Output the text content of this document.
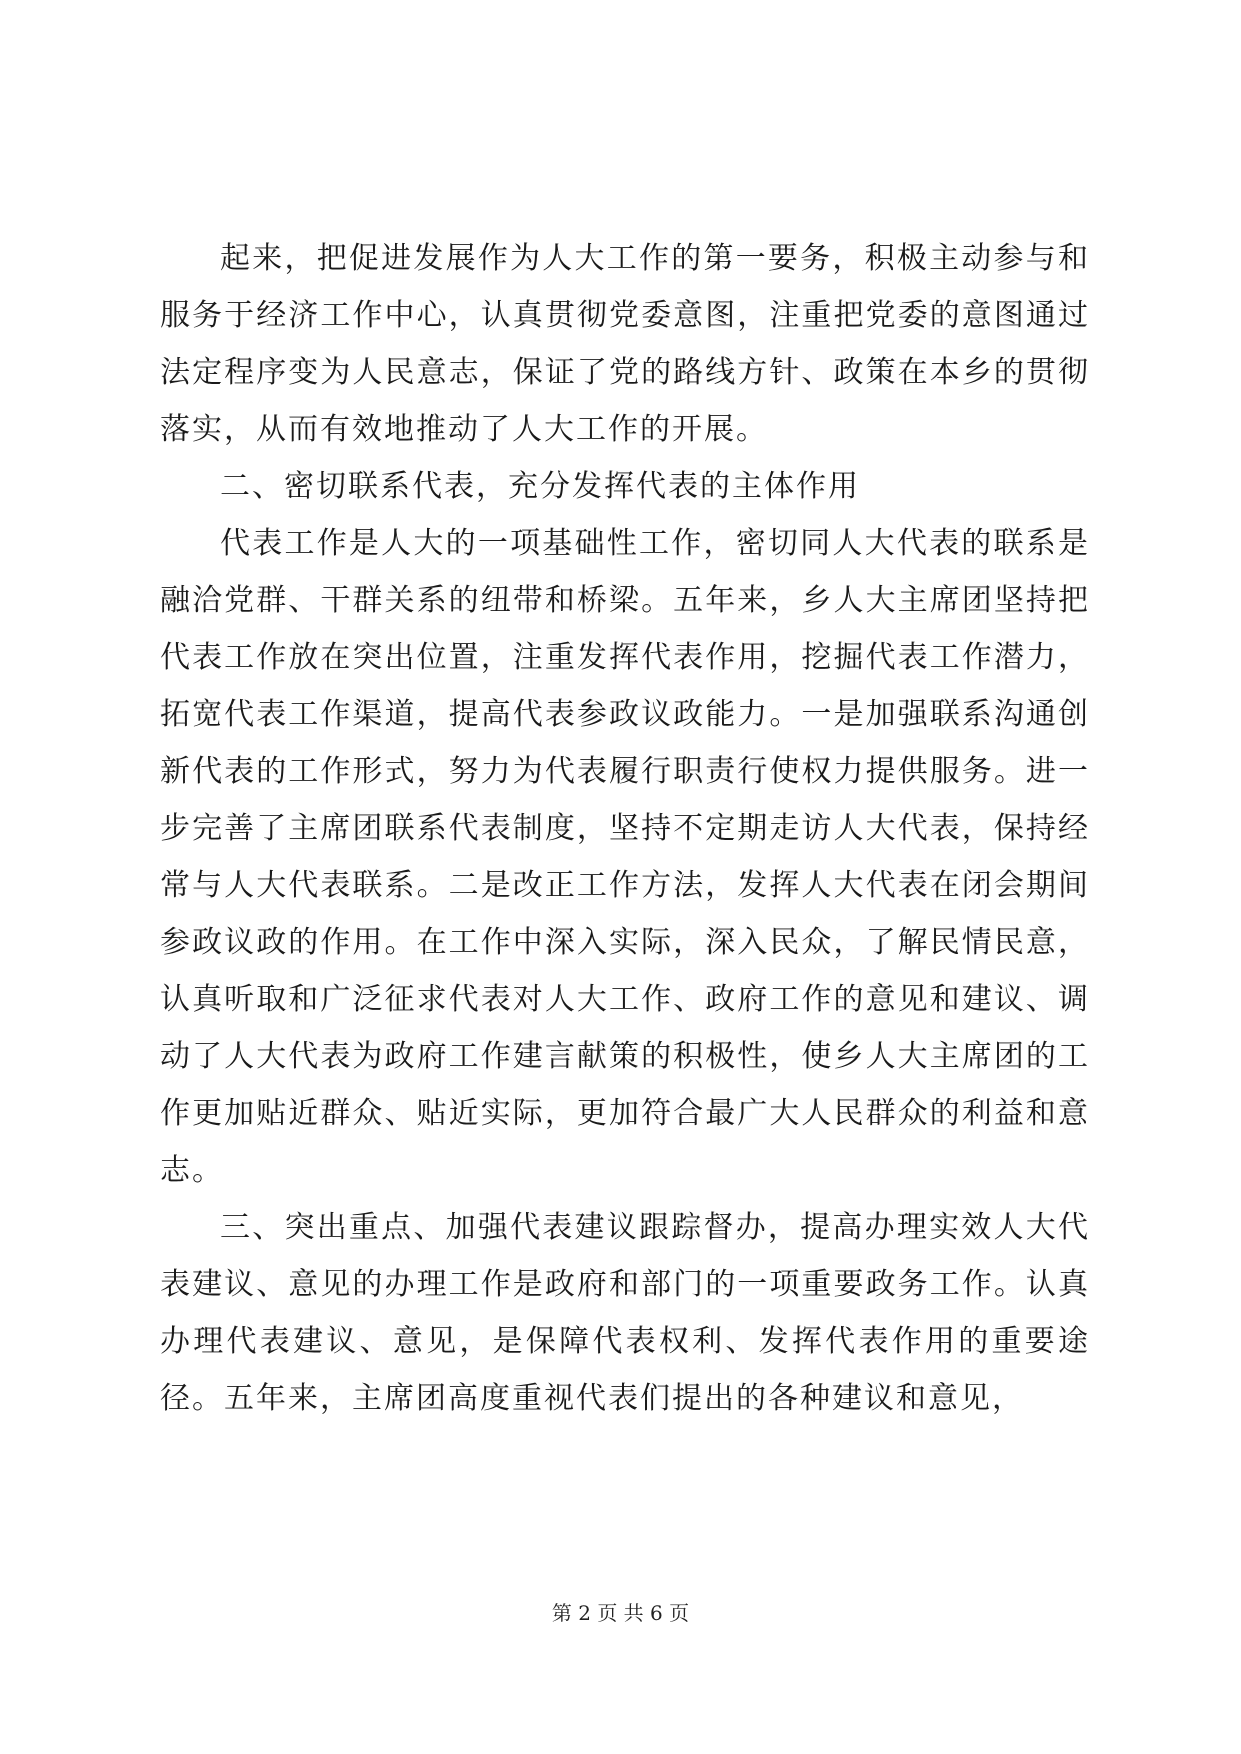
起来，把促进发展作为人大工作的第一要务，积极主动参与和服务于经济工作中心，认真贯彻党委意图，注重把党委的意图通过法定程序变为人民意志，保证了党的路线方针、政策在本乡的贯彻落实，从而有效地推动了人大工作的开展。

二、密切联系代表，充分发挥代表的主体作用

代表工作是人大的一项基础性工作，密切同人大代表的联系是融洽党群、干群关系的纽带和桥梁。五年来，乡人大主席团坚持把代表工作放在突出位置，注重发挥代表作用，挖掘代表工作潜力，拓宽代表工作渠道，提高代表参政议政能力。一是加强联系沟通创新代表的工作形式，努力为代表履行职责行使权力提供服务。进一步完善了主席团联系代表制度，坚持不定期走访人大代表，保持经常与人大代表联系。二是改正工作方法，发挥人大代表在闭会期间参政议政的作用。在工作中深入实际，深入民众，了解民情民意，认真听取和广泛征求代表对人大工作、政府工作的意见和建议、调动了人大代表为政府工作建言献策的积极性，使乡人大主席团的工作更加贴近群众、贴近实际，更加符合最广大人民群众的利益和意志。

三、突出重点、加强代表建议跟踪督办，提高办理实效人大代表建议、意见的办理工作是政府和部门的一项重要政务工作。认真办理代表建议、意见，是保障代表权利、发挥代表作用的重要途径。五年来，主席团高度重视代表们提出的各种建议和意见，

第 2 页 共 6 页
